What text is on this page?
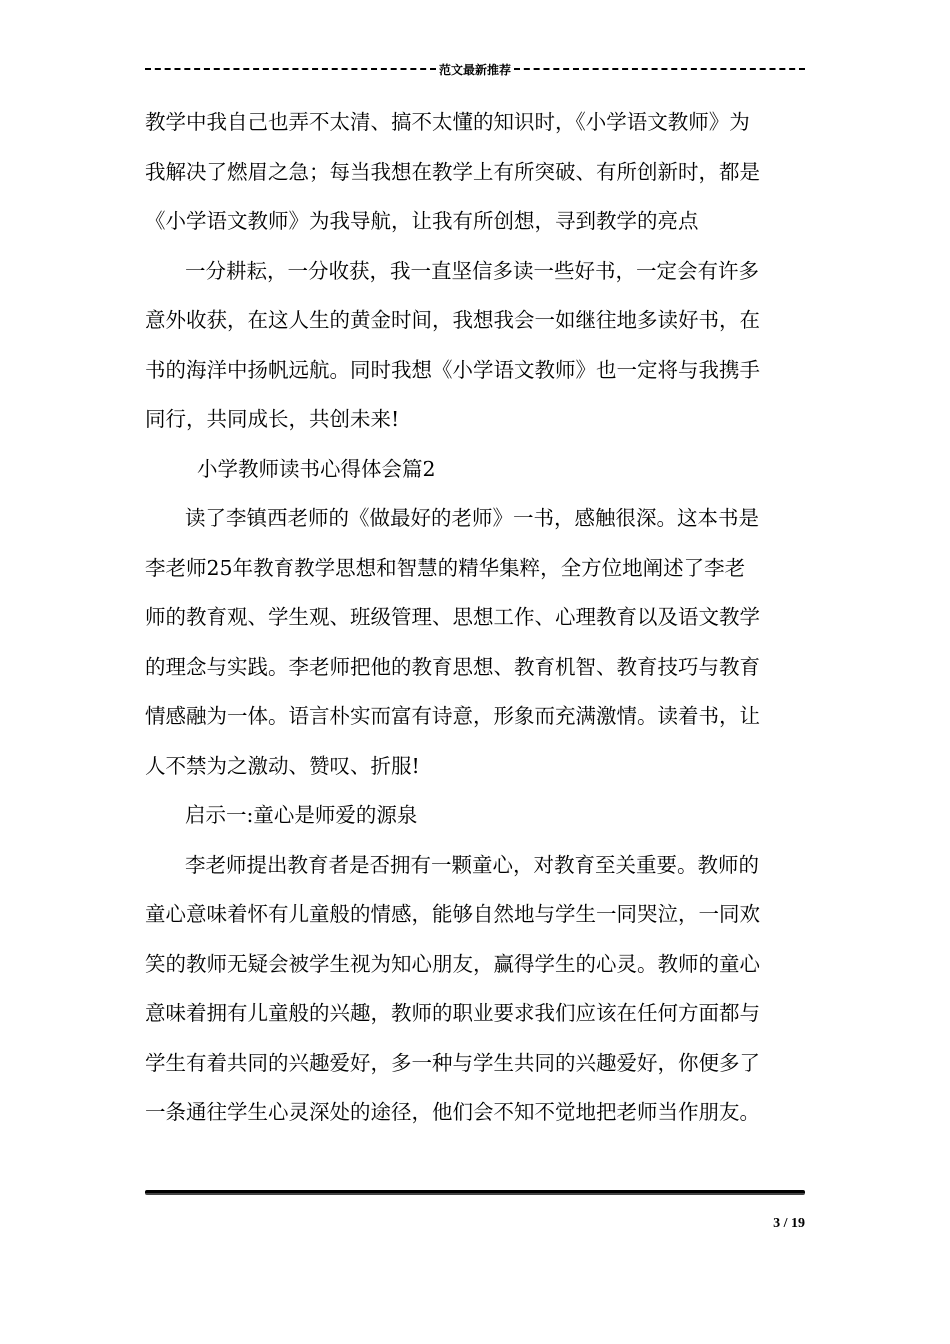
范文最新推荐
教学中我自己也弄不太清、搞不太懂的知识时，《小学语文教师》为
我解决了燃眉之急；每当我想在教学上有所突破、有所创新时，都是
《小学语文教师》为我导航，让我有所创想，寻到教学的亮点
一分耕耘，一分收获，我一直坚信多读一些好书，一定会有许多
意外收获，在这人生的黄金时间，我想我会一如继往地多读好书，在
书的海洋中扬帆远航。同时我想《小学语文教师》也一定将与我携手
同行，共同成长，共创未来!
小学教师读书心得体会篇2
读了李镇西老师的《做最好的老师》一书，感触很深。这本书是
李老师25年教育教学思想和智慧的精华集粹，全方位地阐述了李老
师的教育观、学生观、班级管理、思想工作、心理教育以及语文教学
的理念与实践。李老师把他的教育思想、教育机智、教育技巧与教育
情感融为一体。语言朴实而富有诗意，形象而充满激情。读着书，让
人不禁为之激动、赞叹、折服!
启示一:童心是师爱的源泉
李老师提出教育者是否拥有一颗童心，对教育至关重要。教师的
童心意味着怀有儿童般的情感，能够自然地与学生一同哭泣，一同欢
笑的教师无疑会被学生视为知心朋友，赢得学生的心灵。教师的童心
意味着拥有儿童般的兴趣，教师的职业要求我们应该在任何方面都与
学生有着共同的兴趣爱好，多一种与学生共同的兴趣爱好，你便多了
一条通往学生心灵深处的途径，他们会不知不觉地把老师当作朋友。
3 / 19
